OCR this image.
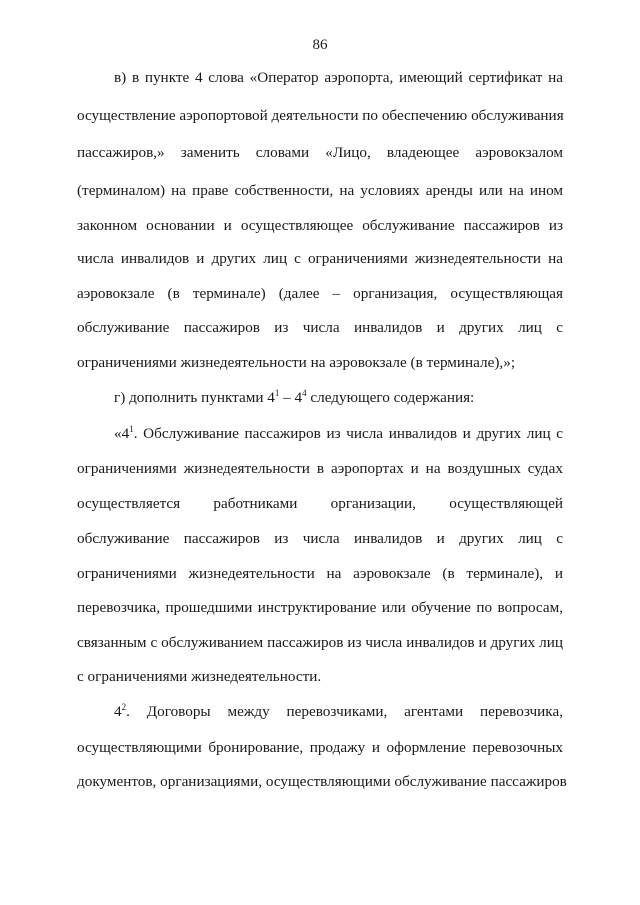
86
в) в пункте 4 слова «Оператор аэропорта, имеющий сертификат на
осуществление аэропортовой деятельности по обеспечению обслуживания
пассажиров,» заменить словами «Лицо, владеющее аэровокзалом
(терминалом) на праве собственности, на условиях аренды или на ином
законном основании и осуществляющее обслуживание пассажиров из
числа инвалидов и других лиц с ограничениями жизнедеятельности на
аэровокзале (в терминале) (далее – организация, осуществляющая
обслуживание пассажиров из числа инвалидов и других лиц с
ограничениями жизнедеятельности на аэровокзале (в терминале),»;
г) дополнить пунктами $4^1 - 4^4$ следующего содержания:
«$4^1$. Обслуживание пассажиров из числа инвалидов и других лиц с
ограничениями жизнедеятельности в аэропортах и на воздушных судах
осуществляется работниками организации, осуществляющей
обслуживание пассажиров из числа инвалидов и других лиц с
ограничениями жизнедеятельности на аэровокзале (в терминале), и
перевозчика, прошедшими инструктирование или обучение по вопросам,
связанным с обслуживанием пассажиров из числа инвалидов и других лиц
с ограничениями жизнедеятельности.
$4^2$. Договоры между перевозчиками, агентами перевозчика,
осуществляющими бронирование, продажу и оформление перевозочных
документов, организациями, осуществляющими обслуживание пассажиров
